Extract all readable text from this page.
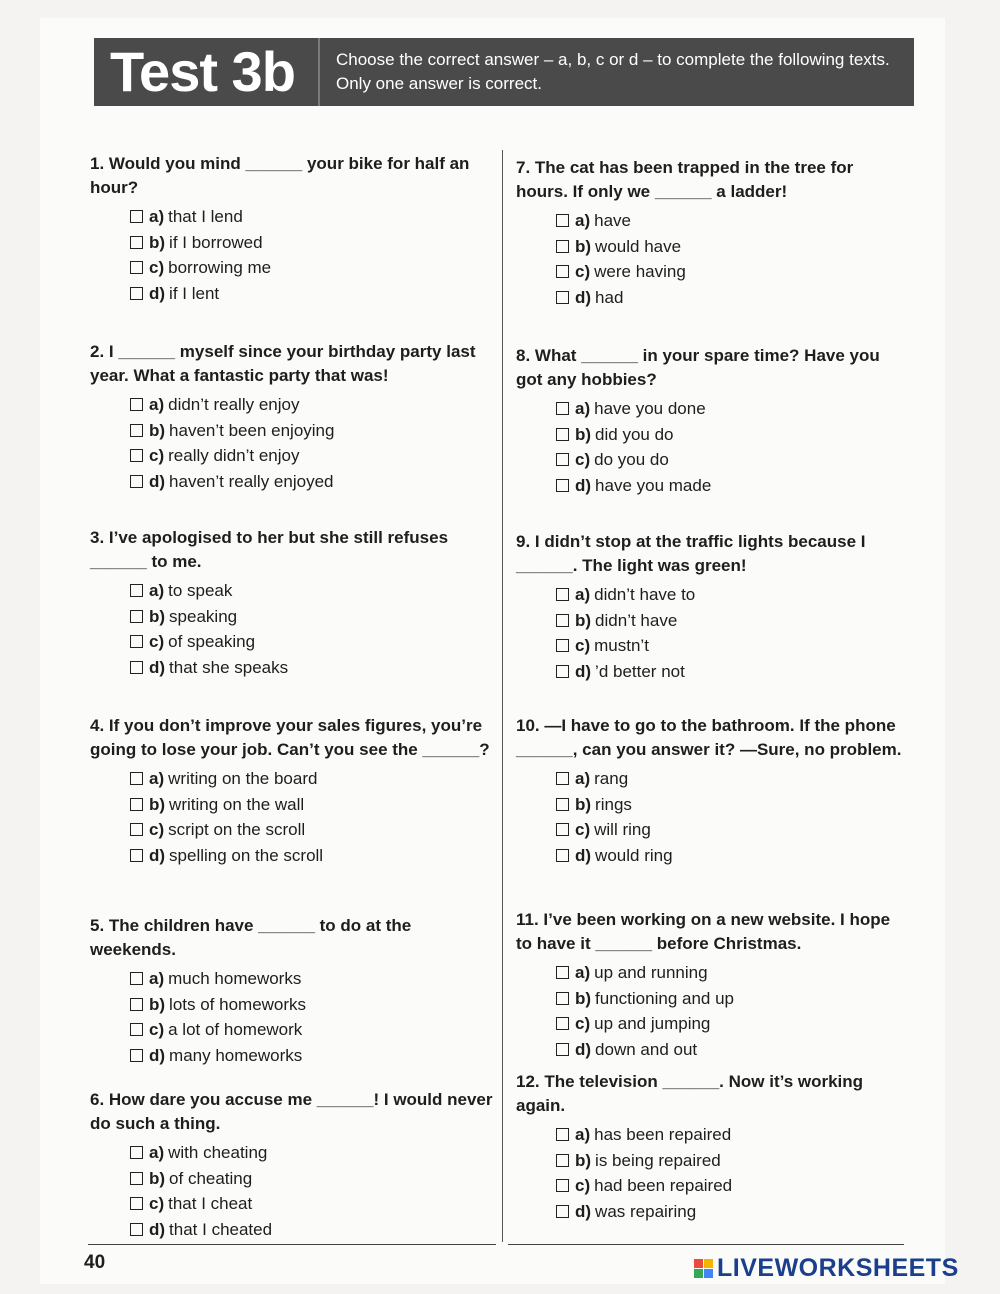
Test 3b	Choose the correct answer – a, b, c or d – to complete the following texts. Only one answer is correct.
1. Would you mind ______ your bike for half an hour?
a) that I lend
b) if I borrowed
c) borrowing me
d) if I lent
2. I ______ myself since your birthday party last year. What a fantastic party that was!
a) didn’t really enjoy
b) haven’t been enjoying
c) really didn’t enjoy
d) haven’t really enjoyed
3. I’ve apologised to her but she still refuses ______ to me.
a) to speak
b) speaking
c) of speaking
d) that she speaks
4. If you don’t improve your sales figures, you’re going to lose your job. Can’t you see the ______?
a) writing on the board
b) writing on the wall
c) script on the scroll
d) spelling on the scroll
5. The children have ______ to do at the weekends.
a) much homeworks
b) lots of homeworks
c) a lot of homework
d) many homeworks
6. How dare you accuse me ______! I would never do such a thing.
a) with cheating
b) of cheating
c) that I cheat
d) that I cheated
7. The cat has been trapped in the tree for hours. If only we ______ a ladder!
a) have
b) would have
c) were having
d) had
8. What ______ in your spare time? Have you got any hobbies?
a) have you done
b) did you do
c) do you do
d) have you made
9. I didn’t stop at the traffic lights because I ______. The light was green!
a) didn’t have to
b) didn’t have
c) mustn’t
d) ’d better not
10. —I have to go to the bathroom. If the phone ______, can you answer it? —Sure, no problem.
a) rang
b) rings
c) will ring
d) would ring
11. I’ve been working on a new website. I hope to have it ______ before Christmas.
a) up and running
b) functioning and up
c) up and jumping
d) down and out
12. The television ______. Now it’s working again.
a) has been repaired
b) is being repaired
c) had been repaired
d) was repairing
40	LIVEWORKSHEETS
